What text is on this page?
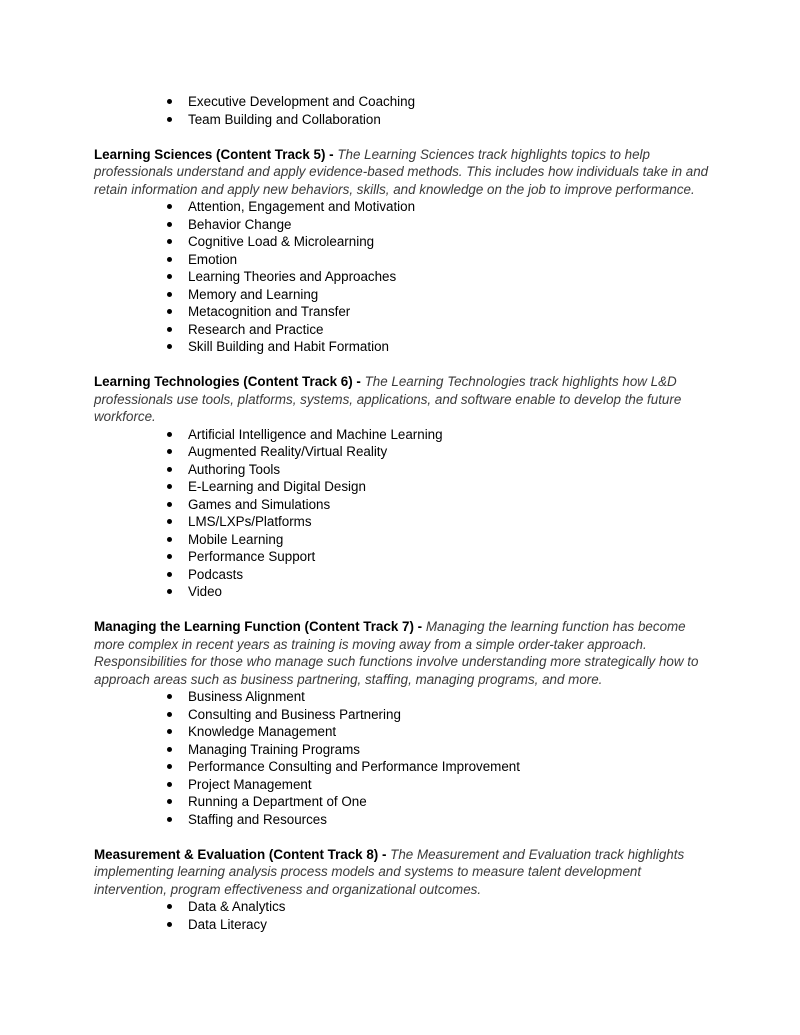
Executive Development and Coaching
Team Building and Collaboration

Learning Sciences (Content Track 5) - The Learning Sciences track highlights topics to help professionals understand and apply evidence-based methods. This includes how individuals take in and retain information and apply new behaviors, skills, and knowledge on the job to improve performance.

Attention, Engagement and Motivation
Behavior Change
Cognitive Load & Microlearning
Emotion
Learning Theories and Approaches
Memory and Learning
Metacognition and Transfer
Research and Practice
Skill Building and Habit Formation

Learning Technologies (Content Track 6) - The Learning Technologies track highlights how L&D professionals use tools, platforms, systems, applications, and software enable to develop the future workforce.

Artificial Intelligence and Machine Learning
Augmented Reality/Virtual Reality
Authoring Tools
E-Learning and Digital Design
Games and Simulations
LMS/LXPs/Platforms
Mobile Learning
Performance Support
Podcasts
Video

Managing the Learning Function (Content Track 7) - Managing the learning function has become more complex in recent years as training is moving away from a simple order-taker approach. Responsibilities for those who manage such functions involve understanding more strategically how to approach areas such as business partnering, staffing, managing programs, and more.

Business Alignment
Consulting and Business Partnering
Knowledge Management
Managing Training Programs
Performance Consulting and Performance Improvement
Project Management
Running a Department of One
Staffing and Resources

Measurement & Evaluation (Content Track 8) - The Measurement and Evaluation track highlights implementing learning analysis process models and systems to measure talent development intervention, program effectiveness and organizational outcomes.

Data & Analytics
Data Literacy
